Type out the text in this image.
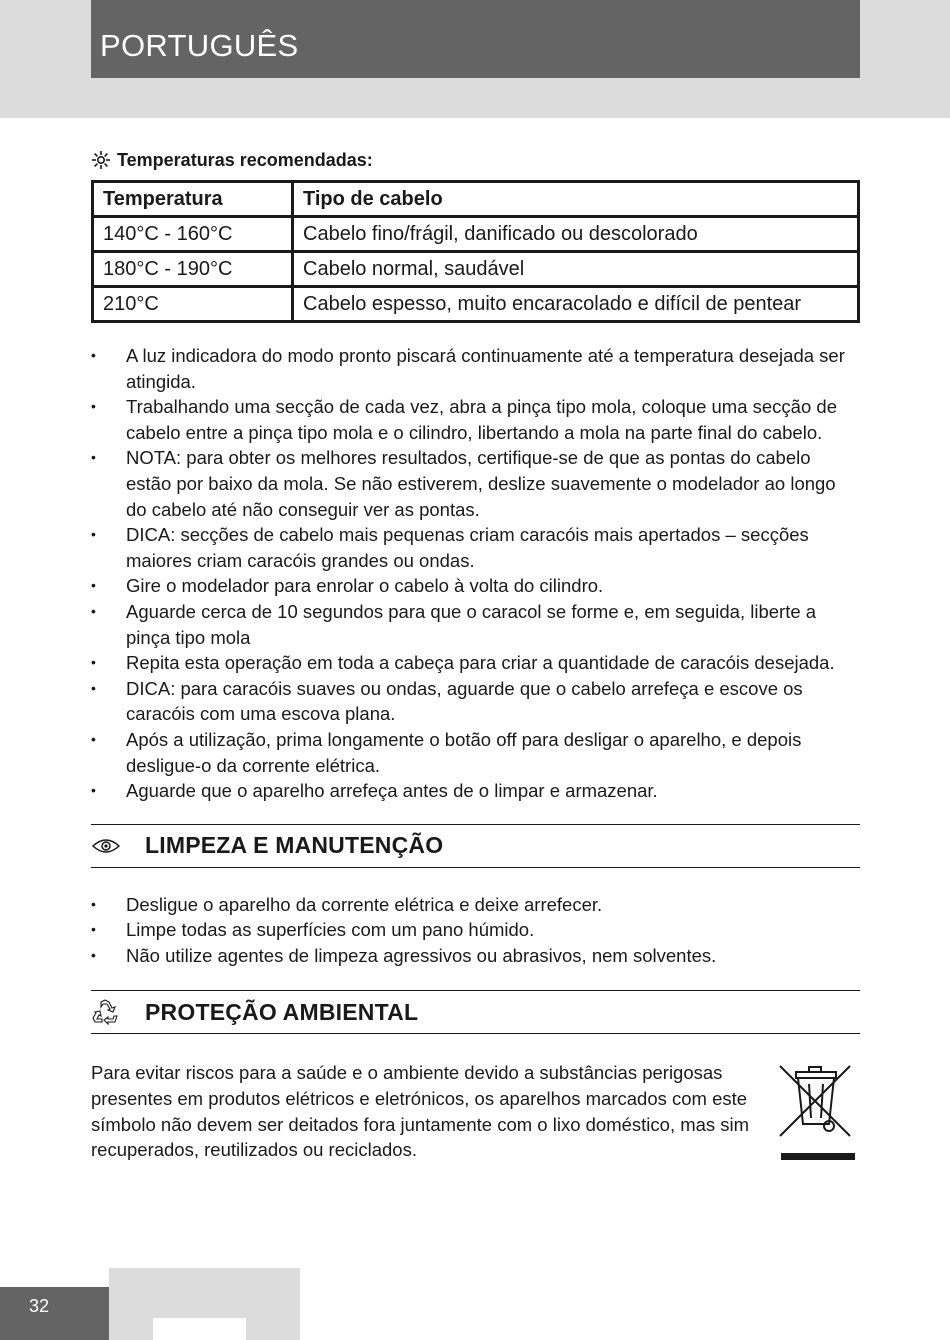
PORTUGUÊS
Temperaturas recomendadas:
Temperatura	Tipo de cabelo
140°C - 160°C	Cabelo fino/frágil, danificado ou descolorado
180°C - 190°C	Cabelo normal, saudável
210°C	Cabelo espesso, muito encaracolado e difícil de pentear
• A luz indicadora do modo pronto piscará continuamente até a temperatura desejada ser atingida.
• Trabalhando uma secção de cada vez, abra a pinça tipo mola, coloque uma secção de cabelo entre a pinça tipo mola e o cilindro, libertando a mola na parte final do cabelo.
• NOTA: para obter os melhores resultados, certifique-se de que as pontas do cabelo estão por baixo da mola. Se não estiverem, deslize suavemente o modelador ao longo do cabelo até não conseguir ver as pontas.
• DICA: secções de cabelo mais pequenas criam caracóis mais apertados – secções maiores criam caracóis grandes ou ondas.
• Gire o modelador para enrolar o cabelo à volta do cilindro.
• Aguarde cerca de 10 segundos para que o caracol se forme e, em seguida, liberte a pinça tipo mola
• Repita esta operação em toda a cabeça para criar a quantidade de caracóis desejada.
• DICA: para caracóis suaves ou ondas, aguarde que o cabelo arrefeça e escove os caracóis com uma escova plana.
• Após a utilização, prima longamente o botão off para desligar o aparelho, e depois desligue-o da corrente elétrica.
• Aguarde que o aparelho arrefeça antes de o limpar e armazenar.
LIMPEZA E MANUTENÇÃO
• Desligue o aparelho da corrente elétrica e deixe arrefecer.
• Limpe todas as superfícies com um pano húmido.
• Não utilize agentes de limpeza agressivos ou abrasivos, nem solventes.
PROTEÇÃO AMBIENTAL

Para evitar riscos para a saúde e o ambiente devido a substâncias perigosas presentes em produtos elétricos e eletrónicos, os aparelhos marcados com este símbolo não devem ser deitados fora juntamente com o lixo doméstico, mas sim recuperados, reutilizados ou reciclados.

32
